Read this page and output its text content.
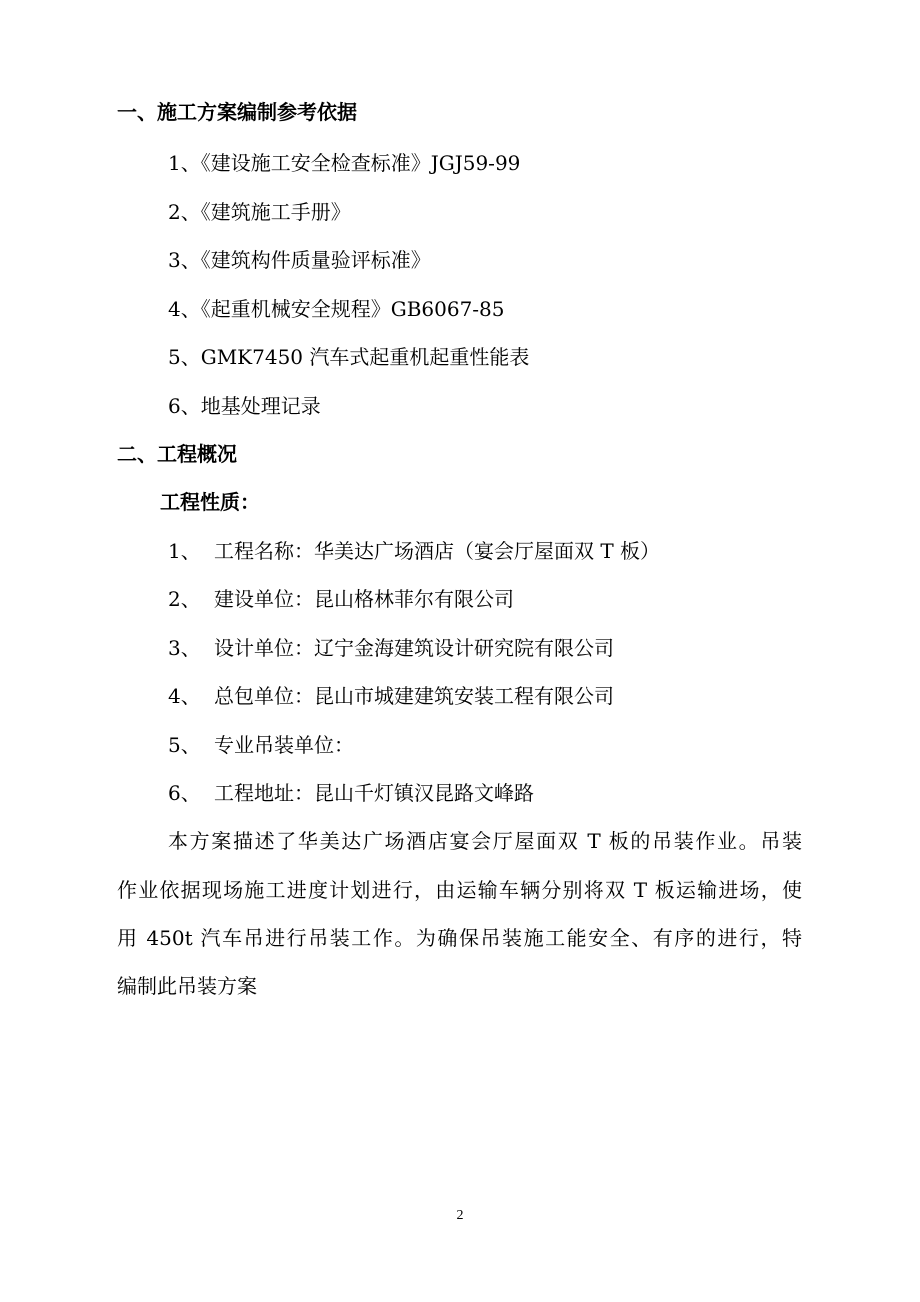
一、施工方案编制参考依据
1、《建设施工安全检查标准》JGJ59-99
2、《建筑施工手册》
3、《建筑构件质量验评标准》
4、《起重机械安全规程》GB6067-85
5、GMK7450 汽车式起重机起重性能表
6、地基处理记录
二、工程概况
工程性质：
1、 工程名称：华美达广场酒店（宴会厅屋面双 T 板）
2、 建设单位：昆山格林菲尔有限公司
3、 设计单位：辽宁金海建筑设计研究院有限公司
4、 总包单位：昆山市城建建筑安装工程有限公司
5、 专业吊装单位：
6、 工程地址：昆山千灯镇汉昆路文峰路
本方案描述了华美达广场酒店宴会厅屋面双 T 板的吊装作业。吊装
作业依据现场施工进度计划进行，由运输车辆分别将双 T 板运输进场，使
用 450t 汽车吊进行吊装工作。为确保吊装施工能安全、有序的进行，特
编制此吊装方案
2
